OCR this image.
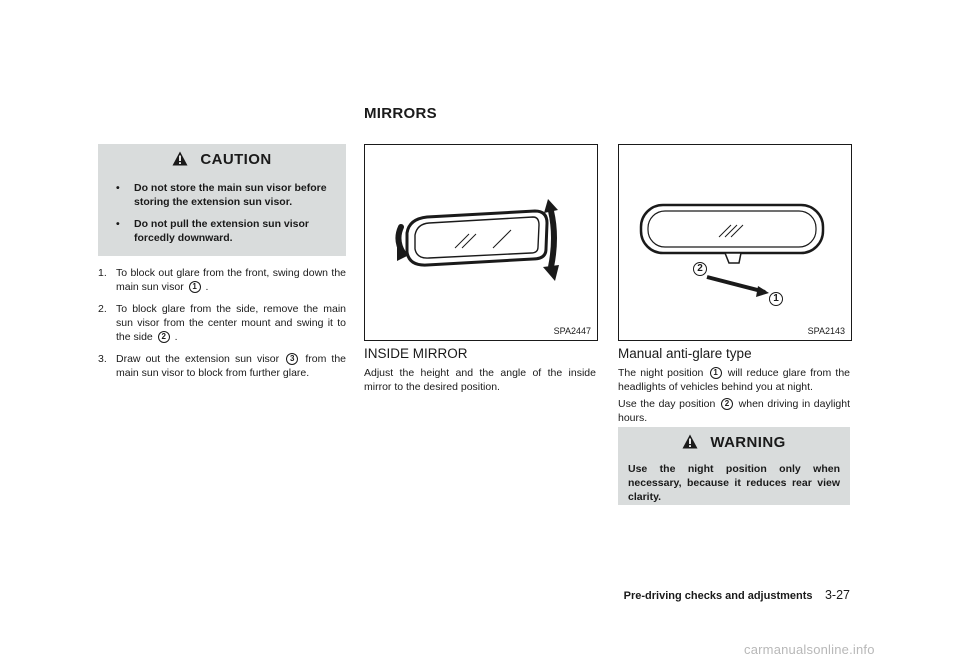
MIRRORS
CAUTION
• Do not store the main sun visor before storing the extension sun visor.
• Do not pull the extension sun visor forcedly downward.
1. To block out glare from the front, swing down the main sun visor 1 .
2. To block glare from the side, remove the main sun visor from the center mount and swing it to the side 2 .
3. Draw out the extension sun visor 3 from the main sun visor to block from further glare.
SPA2447
INSIDE MIRROR
Adjust the height and the angle of the inside mirror to the desired position.
2
1
SPA2143
Manual anti-glare type
The night position 1 will reduce glare from the headlights of vehicles behind you at night.
Use the day position 2 when driving in daylight hours.
WARNING
Use the night position only when necessary, because it reduces rear view clarity.
Pre-driving checks and adjustments 3-27
carmanualsonline.info
